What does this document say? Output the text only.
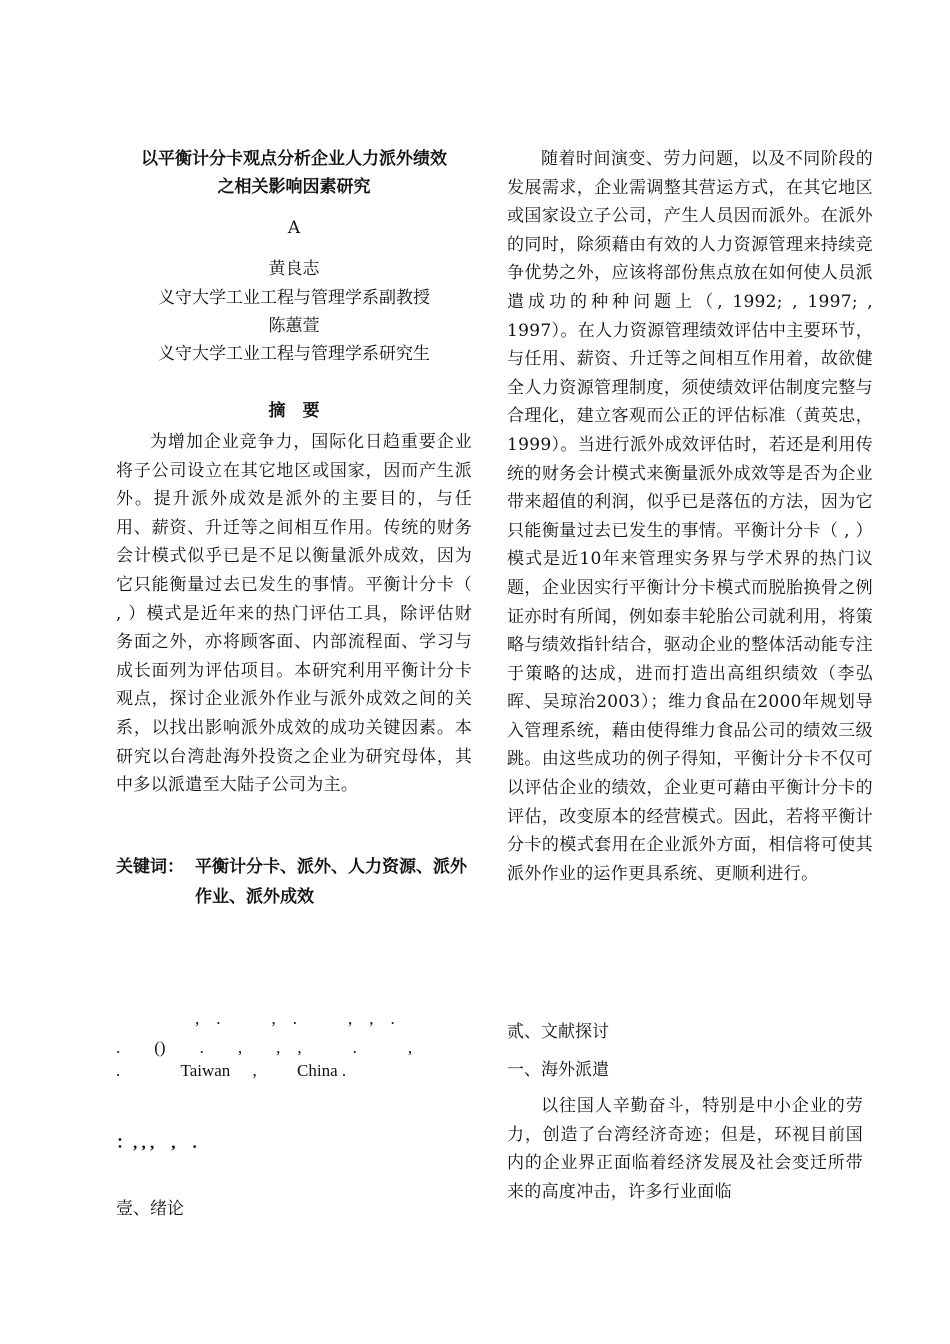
以平衡计分卡观点分析企业人力派外绩效
之相关影响因素研究
A
黄良志
义守大学工业工程与管理学系副教授
陈蕙萱
义守大学工业工程与管理学系研究生
摘　要
为增加企业竞争力，国际化日趋重要企业将子公司设立在其它地区或国家，因而产生派外。提升派外成效是派外的主要目的，与任用、薪资、升迁等之间相互作用。传统的财务会计模式似乎已是不足以衡量派外成效，因为它只能衡量过去已发生的事情。平衡计分卡（ , ）模式是近年来的热门评估工具，除评估财务面之外，亦将顾客面、内部流程面、学习与成长面列为评估项目。本研究利用平衡计分卡观点，探讨企业派外作业与派外成效之间的关系，以找出影响派外成效的成功关键因素。本研究以台湾赴海外投资之企业为研究母体，其中多以派遣至大陆子公司为主。
关键词： 平衡计分卡、派外、人力资源、派外作业、派外成效
,　.　　　,　.　　　,　,　.
.　　()　　.　　,　　,　,　　　.　　　,
.	Taiwan , China .
：, , ,　,　.
壹、绪论
随着时间演变、劳力问题，以及不同阶段的发展需求，企业需调整其营运方式，在其它地区或国家设立子公司，产生人员因而派外。在派外的同时，除须藉由有效的人力资源管理来持续竞争优势之外，应该将部份焦点放在如何使人员派遣成功的种种问题上（, 1992; , 1997; , 1997）。在人力资源管理绩效评估中主要环节，与任用、薪资、升迁等之间相互作用着，故欲健全人力资源管理制度，须使绩效评估制度完整与合理化，建立客观而公正的评估标准（黄英忠，1999）。当进行派外成效评估时，若还是利用传统的财务会计模式来衡量派外成效等是否为企业带来超值的利润，似乎已是落伍的方法，因为它只能衡量过去已发生的事情。平衡计分卡（ , ）模式是近10年来管理实务界与学术界的热门议题，企业因实行平衡计分卡模式而脱胎换骨之例证亦时有所闻，例如泰丰轮胎公司就利用，将策略与绩效指针结合，驱动企业的整体活动能专注于策略的达成，进而打造出高组织绩效（李弘晖、吴琼治2003）；维力食品在2000年规划导入管理系统，藉由使得维力食品公司的绩效三级跳。由这些成功的例子得知，平衡计分卡不仅可以评估企业的绩效，企业更可藉由平衡计分卡的评估，改变原本的经营模式。因此，若将平衡计分卡的模式套用在企业派外方面，相信将可使其派外作业的运作更具系统、更顺利进行。
贰、文献探讨
一、海外派遣
以往国人辛勤奋斗，特别是中小企业的劳力，创造了台湾经济奇迹；但是，环视目前国内的企业界正面临着经济发展及社会变迁所带来的高度冲击，许多行业面临
